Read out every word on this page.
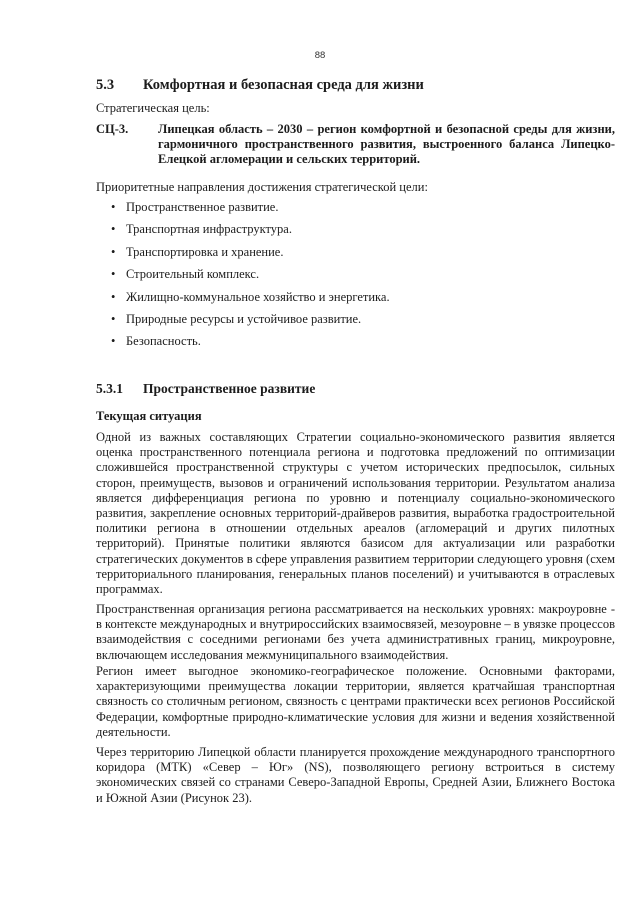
88
5.3 Комфортная и безопасная среда для жизни
Стратегическая цель:
СЦ-3. Липецкая область – 2030 – регион комфортной и безопасной среды для жизни, гармоничного пространственного развития, выстроенного баланса Липецко-Елецкой агломерации и сельских территорий.
Приоритетные направления достижения стратегической цели:
• Пространственное развитие.
• Транспортная инфраструктура.
• Транспортировка и хранение.
• Строительный комплекс.
• Жилищно-коммунальное хозяйство и энергетика.
• Природные ресурсы и устойчивое развитие.
• Безопасность.
5.3.1 Пространственное развитие
Текущая ситуация

Одной из важных составляющих Стратегии социально-экономического развития является оценка пространственного потенциала региона и подготовка предложений по оптимизации сложившейся пространственной структуры с учетом исторических предпосылок, сильных сторон, преимуществ, вызовов и ограничений использования территории. Результатом анализа является дифференциация региона по уровню и потенциалу социально-экономического развития, закрепление основных территорий-драйверов развития, выработка градостроительной политики региона в отношении отдельных ареалов (агломераций и других пилотных территорий). Принятые политики являются базисом для актуализации или разработки стратегических документов в сфере управления развитием территории следующего уровня (схем территориального планирования, генеральных планов поселений) и учитываются в отраслевых программах.

Пространственная организация региона рассматривается на нескольких уровнях: макроуровне - в контексте международных и внутрироссийских взаимосвязей, мезоуровне – в увязке процессов взаимодействия с соседними регионами без учета административных границ, микроуровне, включающем исследования межмуниципального взаимодействия.

Регион имеет выгодное экономико-географическое положение. Основными факторами, характеризующими преимущества локации территории, является кратчайшая транспортная связность со столичным регионом, связность с центрами практически всех регионов Российской Федерации, комфортные природно-климатические условия для жизни и ведения хозяйственной деятельности.

Через территорию Липецкой области планируется прохождение международного транспортного коридора (МТК) «Север – Юг» (NS), позволяющего региону встроиться в систему экономических связей со странами Северо-Западной Европы, Средней Азии, Ближнего Востока и Южной Азии (Рисунок 23).
